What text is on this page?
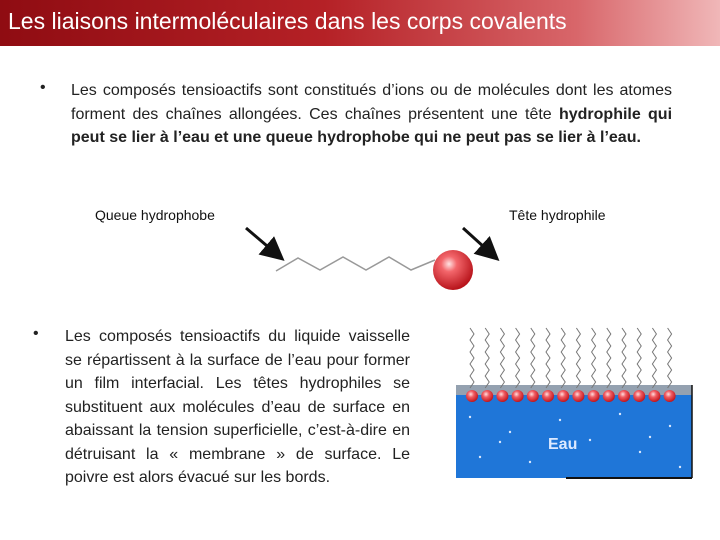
Les liaisons intermoléculaires dans les corps covalents
• Les composés tensioactifs sont constitués d’ions ou de molécules dont les atomes forment des chaînes allongées. Ces chaînes présentent une tête hydrophile qui peut se lier à l’eau et une queue hydrophobe qui ne peut pas se lier à l’eau.
Queue hydrophobe	Tête hydrophile
• Les composés tensioactifs du liquide vaisselle se répartissent à la surface de l’eau pour former un film interfacial. Les têtes hydrophiles se substituent aux molécules d’eau de surface en abaissant la tension superficielle, c’est-à-dire en détruisant la « membrane » de surface. Le poivre est alors évacué sur les bords.
Eau
